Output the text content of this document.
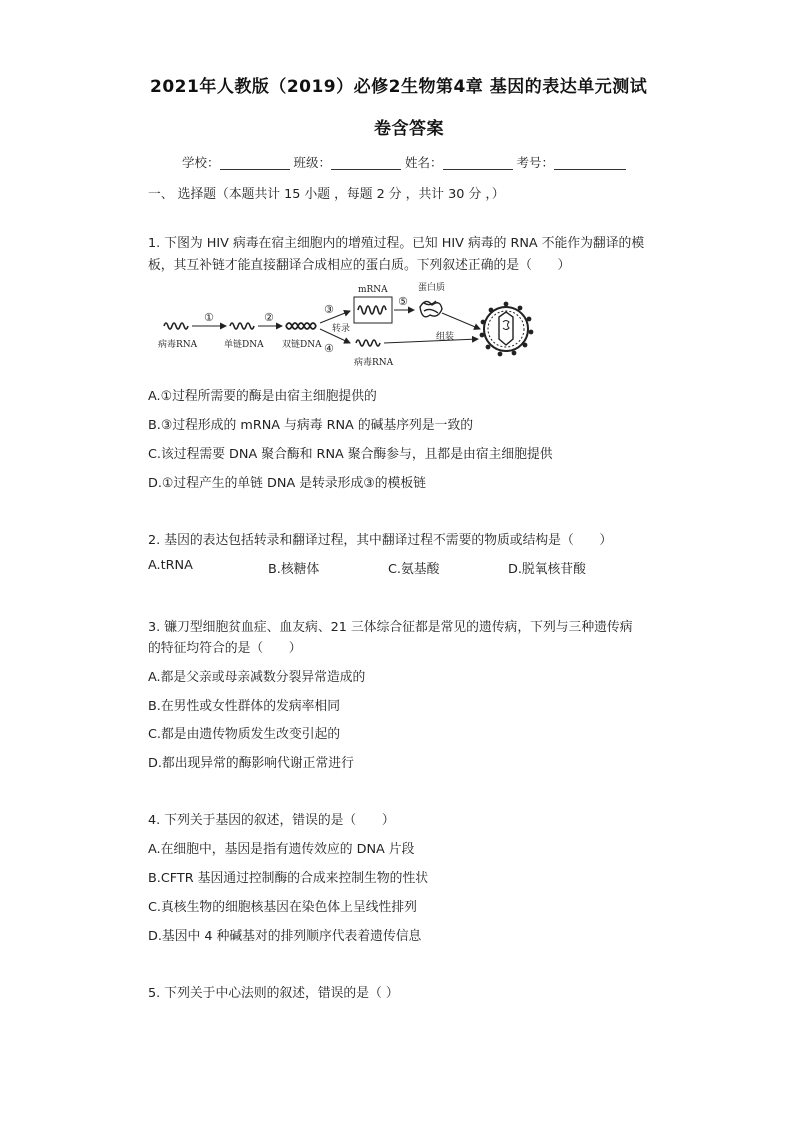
2021年人教版（2019）必修2生物第4章 基因的表达单元测试
卷含答案
学校：	班级：	姓名：	考号：
一、 选择题（本题共计 15 小题 ，每题 2 分 ，共计 30 分 ，）
1. 下图为 HIV 病毒在宿主细胞内的增殖过程。已知 HIV 病毒的 RNA 不能作为翻译的模
板，其互补链才能直接翻译合成相应的蛋白质。下列叙述正确的是（　　）
病毒RNA
①
单链DNA
②
双链DNA
③
转录
④
mRNA
病毒RNA
⑤
蛋白质
组装
A.①过程所需要的酶是由宿主细胞提供的
B.③过程形成的 mRNA 与病毒 RNA 的碱基序列是一致的
C.该过程需要 DNA 聚合酶和 RNA 聚合酶参与，且都是由宿主细胞提供
D.①过程产生的单链 DNA 是转录形成③的模板链
2. 基因的表达包括转录和翻译过程，其中翻译过程不需要的物质或结构是（　　）
A.tRNA	B.核糖体	C.氨基酸	D.脱氧核苷酸
3. 镰刀型细胞贫血症、血友病、21 三体综合征都是常见的遗传病，下列与三种遗传病
的特征均符合的是（　　）
A.都是父亲或母亲减数分裂异常造成的
B.在男性或女性群体的发病率相同
C.都是由遗传物质发生改变引起的
D.都出现异常的酶影响代谢正常进行
4. 下列关于基因的叙述，错误的是（　　）
A.在细胞中，基因是指有遗传效应的 DNA 片段
B.CFTR 基因通过控制酶的合成来控制生物的性状
C.真核生物的细胞核基因在染色体上呈线性排列
D.基因中 4 种碱基对的排列顺序代表着遗传信息
5. 下列关于中心法则的叙述，错误的是（ ）
